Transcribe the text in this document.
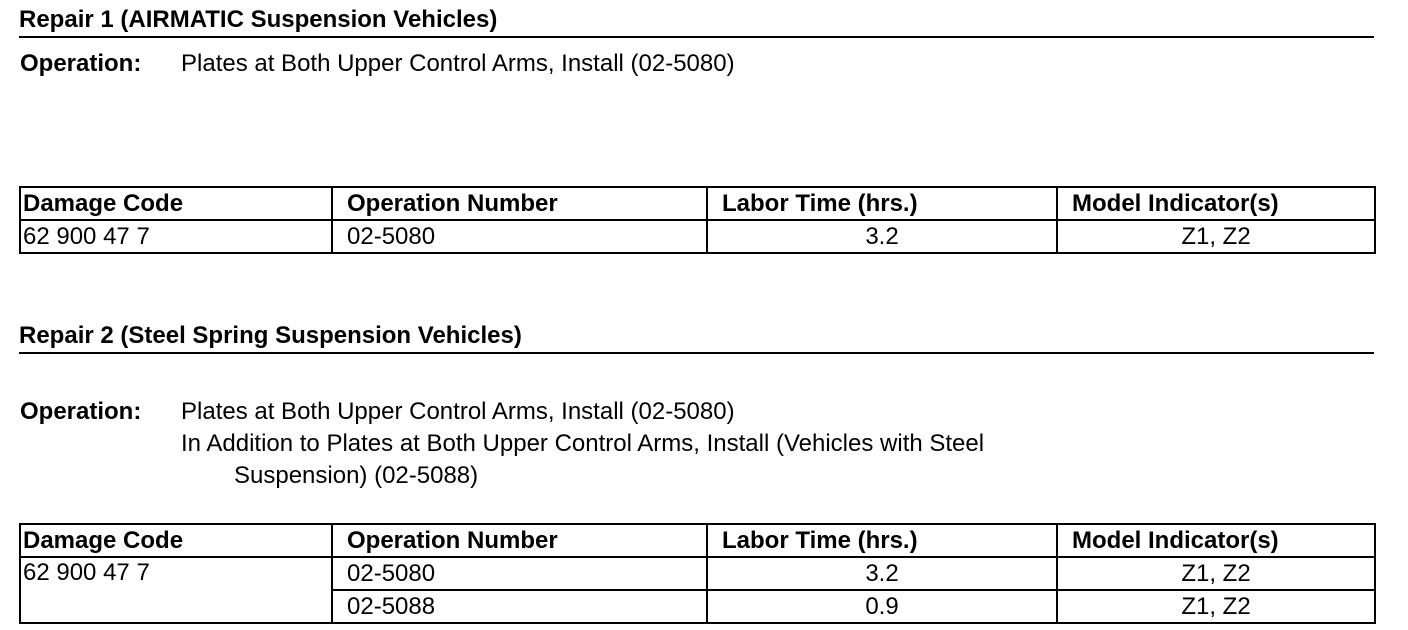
Repair 1 (AIRMATIC Suspension Vehicles)
Operation: Plates at Both Upper Control Arms, Install (02-5080)
Damage Code	Operation Number	Labor Time (hrs.)	Model Indicator(s)
62 900 47 7	02-5080	3.2	Z1, Z2
Repair 2 (Steel Spring Suspension Vehicles)
Operation: Plates at Both Upper Control Arms, Install (02-5080)
In Addition to Plates at Both Upper Control Arms, Install (Vehicles with Steel
Suspension) (02-5088)
Damage Code	Operation Number	Labor Time (hrs.)	Model Indicator(s)
62 900 47 7	02-5080	3.2	Z1, Z2
	02-5088	0.9	Z1, Z2
